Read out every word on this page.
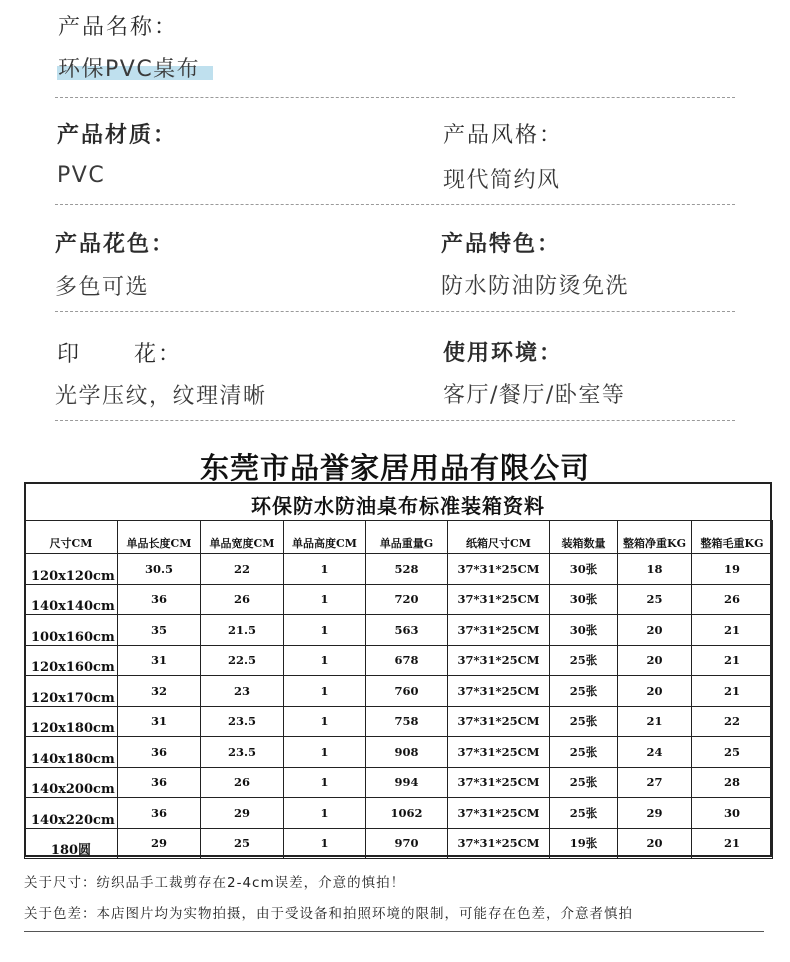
产品名称：
环保PVC桌布
产品材质：
PVC
产品风格：
现代简约风
产品花色：
多色可选
产品特色：
防水防油防烫免洗
印 花：
光学压纹，纹理清晰
使用环境：
客厅/餐厅/卧室等
东莞市品誉家居用品有限公司
环保防水防油桌布标准装箱资料
尺寸CM	单品长度CM	单品宽度CM	单品高度CM	单品重量G	纸箱尺寸CM	装箱数量	整箱净重KG	整箱毛重KG
120x120cm	30.5	22	1	528	37*31*25CM	30张	18	19
140x140cm	36	26	1	720	37*31*25CM	30张	25	26
100x160cm	35	21.5	1	563	37*31*25CM	30张	20	21
120x160cm	31	22.5	1	678	37*31*25CM	25张	20	21
120x170cm	32	23	1	760	37*31*25CM	25张	20	21
120x180cm	31	23.5	1	758	37*31*25CM	25张	21	22
140x180cm	36	23.5	1	908	37*31*25CM	25张	24	25
140x200cm	36	26	1	994	37*31*25CM	25张	27	28
140x220cm	36	29	1	1062	37*31*25CM	25张	29	30
180圆	29	25	1	970	37*31*25CM	19张	20	21
关于尺寸：纺织品手工裁剪存在2-4cm误差，介意的慎拍！
关于色差：本店图片均为实物拍摄，由于受设备和拍照环境的限制，可能存在色差，介意者慎拍
